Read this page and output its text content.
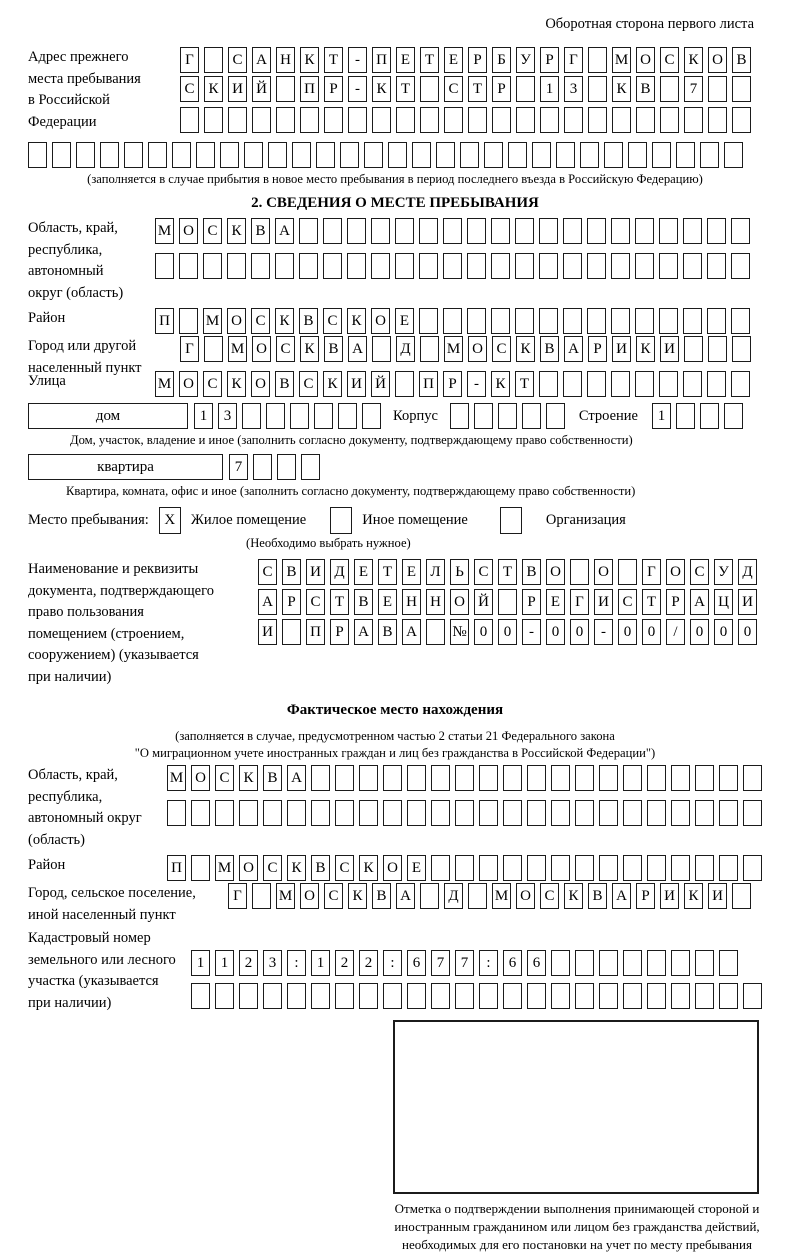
Оборотная сторона первого листа
Адрес прежнего
места пребывания
в Российской
Федерации
Г	С А Н К Т	-	П Е Т Е	Р	Б У Р	Г	М О С К О В
С К И Й П Р	-	К Т	С Т	Р	1	3	К В	7
(заполняется в случае прибытия в новое место пребывания в период последнего въезда в Российскую Федерацию)
2. СВЕДЕНИЯ О МЕСТЕ ПРЕБЫВАНИЯ
Область, край,
республика,
автономный
округ (область)
М О С К В А
Район	П М О С К В С К О Е
Город или другой
населенный пункт
Г	М О С К В А Д М О С К В А Р И К И
Улица	М О С К О В С К И Й П Р	-	К Т
дом	1	3	Корпус	Строение	1
Дом, участок, владение и иное (заполнить согласно документу, подтверждающему право собственности)
квартира	7
Квартира, комната, офис и иное (заполнить согласно документу, подтверждающему право собственности)
Место пребывания:	X	Жилое помещение	Иное помещение	Организация
(Необходимо выбрать нужное)
Наименование и реквизиты
документа, подтверждающего
право пользования
помещением (строением,
сооружением) (указывается
при наличии)
С В И Д Е Т Е Л Ь С Т В О О	Г О С У Д
А Р С Т В Е Н Н О Й	Р	Е	Г И С Т	Р А Ц И
И П Р А В А № 0	0	-	0	0	-	0	0	/	0	0	0
Фактическое место нахождения
(заполняется в случае, предусмотренном частью 2 статьи 21 Федерального закона
"О миграционном учете иностранных граждан и лиц без гражданства в Российской Федерации")
Область, край,
республика,
автономный округ
(область)
М О С К В А
Район	П М О С К В С К О Е
Город, сельское поселение,
иной населенный пункт
Г	М О С К В А Д М О С К В А Р И К И
Кадастровый номер
земельного или лесного
участка (указывается
при наличии)
1	1	2	3	:	1	2	2	:	6	7	7	:	6	6
Отметка о подтверждении выполнения принимающей стороной и иностранным гражданином или лицом без гражданства действий, необходимых для его постановки на учет по месту пребывания
